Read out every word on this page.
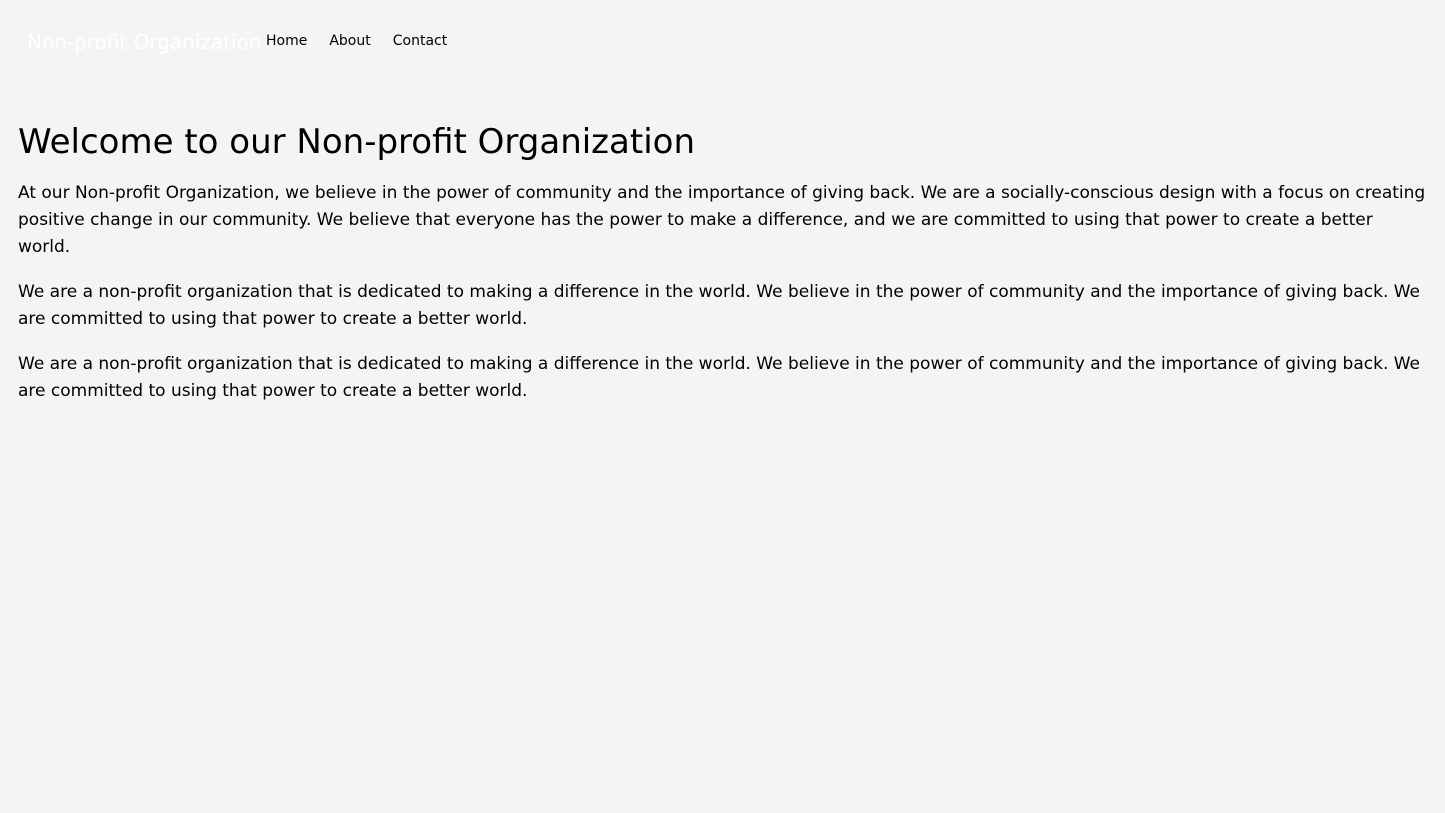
Non-profit Organization Home About Contact
Welcome to our Non-profit Organization

At our Non-profit Organization, we believe in the power of community and the importance of giving back. We are a socially-conscious design with a focus on creating positive change in our community. We believe that everyone has the power to make a difference, and we are committed to using that power to create a better world.

We are a non-profit organization that is dedicated to making a difference in the world. We believe in the power of community and the importance of giving back. We are committed to using that power to create a better world.

We are a non-profit organization that is dedicated to making a difference in the world. We believe in the power of community and the importance of giving back. We are committed to using that power to create a better world.
